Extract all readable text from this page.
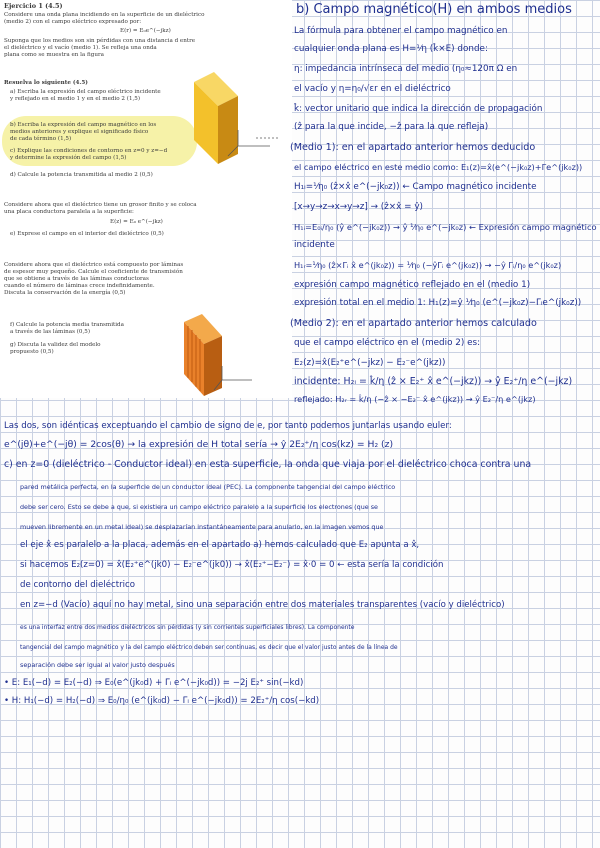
Ejercicio 1 (4.5)
Considere una onda plana incidiendo en la superficie de un dieléctrico
(medio 2) con el campo eléctrico expresado por:
E(r) = E₀e^(−jkz)
Suponga que los medios son sin pérdidas con una distancia d entre
el dieléctrico y el vacío (medio 1). Se refleja una onda
plana como se muestra en la figura
Resuelva lo siguiente (4.5)
a) Escriba la expresión del campo eléctrico incidente
y reflejado en el medio 1 y en el medio 2 (1,5)
b) Escriba la expresión del campo magnético en los
medios anteriores y explique el significado físico
de cada término (1,5)
c) Explique las condiciones de contorno en z=0 y z=−d
y determine la expresión del campo (1,5)
d) Calcule la potencia transmitida al medio 2 (0,5)
Considere ahora que el dieléctrico tiene un grosor finito y se coloca
una placa conductora paralela a la superficie:
E(z) = E₀ e^(−jkz)
e) Exprese el campo en el interior del dieléctrico (0,5)
Considere ahora que el dieléctrico está compuesto por láminas
de espesor muy pequeño. Calcule el coeficiente de transmisión
que se obtiene a través de las láminas conductoras
cuando el número de láminas crece indefinidamente.
Discuta la conservación de la energía (0,5)
f) Calcule la potencia media transmitida
a través de las láminas (0,5)
g) Discuta la validez del modelo
propuesto (0,5)
b) Campo magnético(H) en ambos medios
La fórmula para obtener el campo magnético en
cualquier onda plana es H=¹⁄η (k̂×E) donde:
η: impedancia intrínseca del medio (η₀≈120π Ω en
el vacío y η=η₀/√εr en el dieléctrico
k̂: vector unitario que indica la dirección de propagación
(ẑ para la que incide, −ẑ para la que refleja)
(Medio 1): en el apartado anterior hemos deducido
el campo eléctrico en este medio como: E₁(z)=x̂(e^(−jk₀z)+Γe^(jk₀z))
H₁ᵢ=¹⁄η₀ (ẑ×x̂ e^(−jk₀z)) ← Campo magnético incidente
[x→y→z→x→y→z] → (ẑ×x̂ = ŷ)
H₁ᵢ=E₀ᵢ/η₀ (ŷ e^(−jk₀z)) → ŷ ¹⁄η₀ e^(−jk₀z) ← Expresión campo magnético
incidente
H₁ᵣ=¹⁄η₀ (ẑ×Γᵢ x̂ e^(jk₀z)) = ¹⁄η₀ (−ŷΓᵢ e^(jk₀z)) → −ŷ Γᵢ/η₀ e^(jk₀z)
expresión campo magnético reflejado en el (medio 1)
expresión total en el medio 1: H₁(z)=ŷ ¹⁄η₀ (e^(−jk₀z)−Γᵢe^(jk₀z))
(Medio 2): en el apartado anterior hemos calculado
que el campo eléctrico en el (medio 2) es:
E₂(z)=x̂(E₂⁺e^(−jkz) − E₂⁻e^(jkz))
incidente: H₂ᵢ = k̂/η (ẑ × E₂⁺ x̂ e^(−jkz)) → ŷ E₂⁺/η e^(−jkz)
reflejado: H₂ᵣ = k̂/η (−ẑ × −E₂⁻ x̂ e^(jkz)) → ŷ E₂⁻/η e^(jkz)
Las dos, son idénticas exceptuando el cambio de signo de e, por tanto podemos juntarlas usando euler:
e^(jθ)+e^(−jθ) = 2cos(θ) → la expresión de H total sería → ŷ 2E₂⁺/η cos(kz) = H₂ (z)
c) en z=0 (dieléctrico - Conductor ideal) en esta superficie, la onda que viaja por el dieléctrico choca contra una
pared metálica perfecta, en la superficie de un conductor ideal (PEC). La componente tangencial del campo eléctrico
debe ser cero. Esto se debe a que, si existiera un campo eléctrico paralelo a la superficie los electrones (que se
mueven libremente en un metal ideal) se desplazarían instantáneamente para anularlo, en la imagen vemos que
el eje x̂ es paralelo a la placa, además en el apartado a) hemos calculado que E₂ apunta a x̂,
si hacemos E₂(z=0) = x̂(E₂⁺e^(jk0) − E₂⁻e^(jk0)) → x̂(E₂⁺−E₂⁻) = x̂·0 = 0 ← esta sería la condición
de contorno del dieléctrico
en z=−d (Vacío) aquí no hay metal, sino una separación entre dos materiales transparentes (vacío y dieléctrico)
es una interfaz entre dos medios dieléctricos sin pérdidas (y sin corrientes superficiales libres). La componente
tangencial del campo magnético y la del campo eléctrico deben ser continuas, es decir que el valor justo antes de la línea de
separación debe ser igual al valor justo después
• E: E₁(−d) = E₂(−d) ⇒ E₀(e^(jk₀d) + Γᵢ e^(−jk₀d)) = −2j E₂⁺ sin(−kd)
• H: H₁(−d) = H₂(−d) ⇒ E₀/η₀ (e^(jk₀d) − Γᵢ e^(−jk₀d)) = 2E₂⁺/η cos(−kd)
